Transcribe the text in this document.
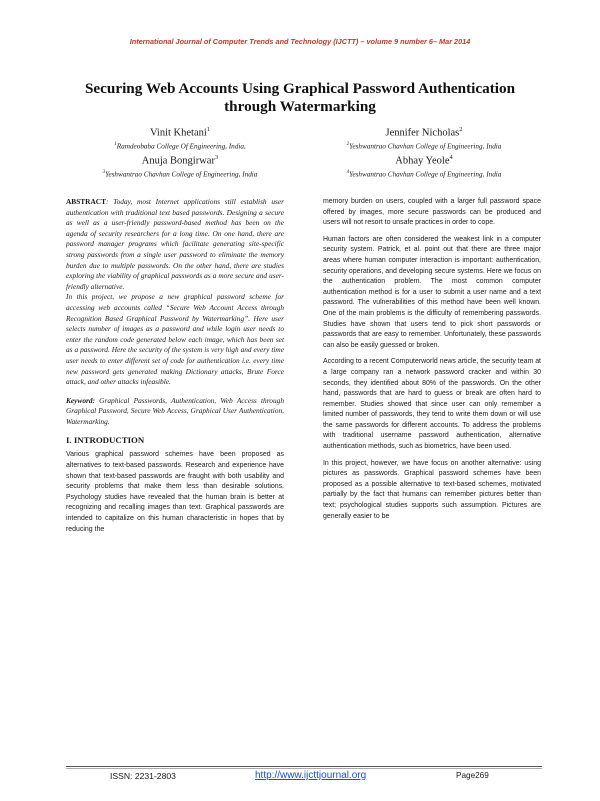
International Journal of Computer Trends and Technology (IJCTT) – volume 9 number 6– Mar 2014
Securing Web Accounts Using Graphical Password Authentication
through Watermarking
Vinit Khetani$^1$
$^1$Ramdeobaba College Of Engineering, India,
Jennifer Nicholas$^2$
$^2$Yeshwantrao Chavhan College of Engineering, India
Anuja Bongirwar$^3$
$^3$Yeshwantrao Chavhan College of Engineering, India
Abhay Yeole$^4$
$^4$Yeshwantrao Chavhan College of Engineering, India

ABSTRACT: Today, most Internet applications still establish user authentication with traditional text based passwords. Designing a secure as well as a user-friendly password-based method has been on the agenda of security researchers for a long time. On one hand, there are password manager programs which facilitate generating site-specific strong passwords from a single user password to eliminate the memory burden due to multiple passwords. On the other hand, there are studies exploring the viability of graphical passwords as a more secure and user-friendly alternative.

In this project, we propose a new graphical password scheme for accessing web accounts called “Secure Web Account Access through Recognition Based Graphical Password by Watermarking”. Here user selects number of images as a password and while login user needs to enter the random code generated below each image, which has been set as a password. Here the security of the system is very high and every time user needs to enter different set of code for authentication i.e. every time new password gets generated making Dictionary attacks, Brute Force attack, and other attacks infeasible.

Keyword: Graphical Passwords, Authentication, Web Access through Graphical Password, Secure Web Access, Graphical User Authentication, Watermarking.

I. INTRODUCTION

Various graphical password schemes have been proposed as alternatives to text-based passwords. Research and experience have shown that text-based passwords are fraught with both usability and security problems that make them less than desirable solutions. Psychology studies have revealed that the human brain is better at recognizing and recalling images than text. Graphical passwords are intended to capitalize on this human characteristic in hopes that by reducing the

memory burden on users, coupled with a larger full password space offered by images, more secure passwords can be produced and users will not resort to unsafe practices in order to cope.

Human factors are often considered the weakest link in a computer security system. Patrick, et al. point out that there are three major areas where human computer interaction is important: authentication, security operations, and developing secure systems. Here we focus on the authentication problem. The most common computer authentication method is for a user to submit a user name and a text password. The vulnerabilities of this method have been well known. One of the main problems is the difficulty of remembering passwords. Studies have shown that users tend to pick short passwords or passwords that are easy to remember. Unfortunately, these passwords can also be easily guessed or broken.

According to a recent Computerworld news article, the security team at a large company ran a network password cracker and within 30 seconds, they identified about 80% of the passwords. On the other hand, passwords that are hard to guess or break are often hard to remember. Studies showed that since user can only remember a limited number of passwords, they tend to write them down or will use the same passwords for different accounts. To address the problems with traditional username password authentication, alternative authentication methods, such as biometrics, have been used.

In this project, however, we have focus on another alternative: using pictures as passwords. Graphical password schemes have been proposed as a possible alternative to text-based schemes, motivated partially by the fact that humans can remember pictures better than text; psychological studies supports such assumption. Pictures are generally easier to be

ISSN: 2231-2803	http://www.ijcttjournal.org	Page269
